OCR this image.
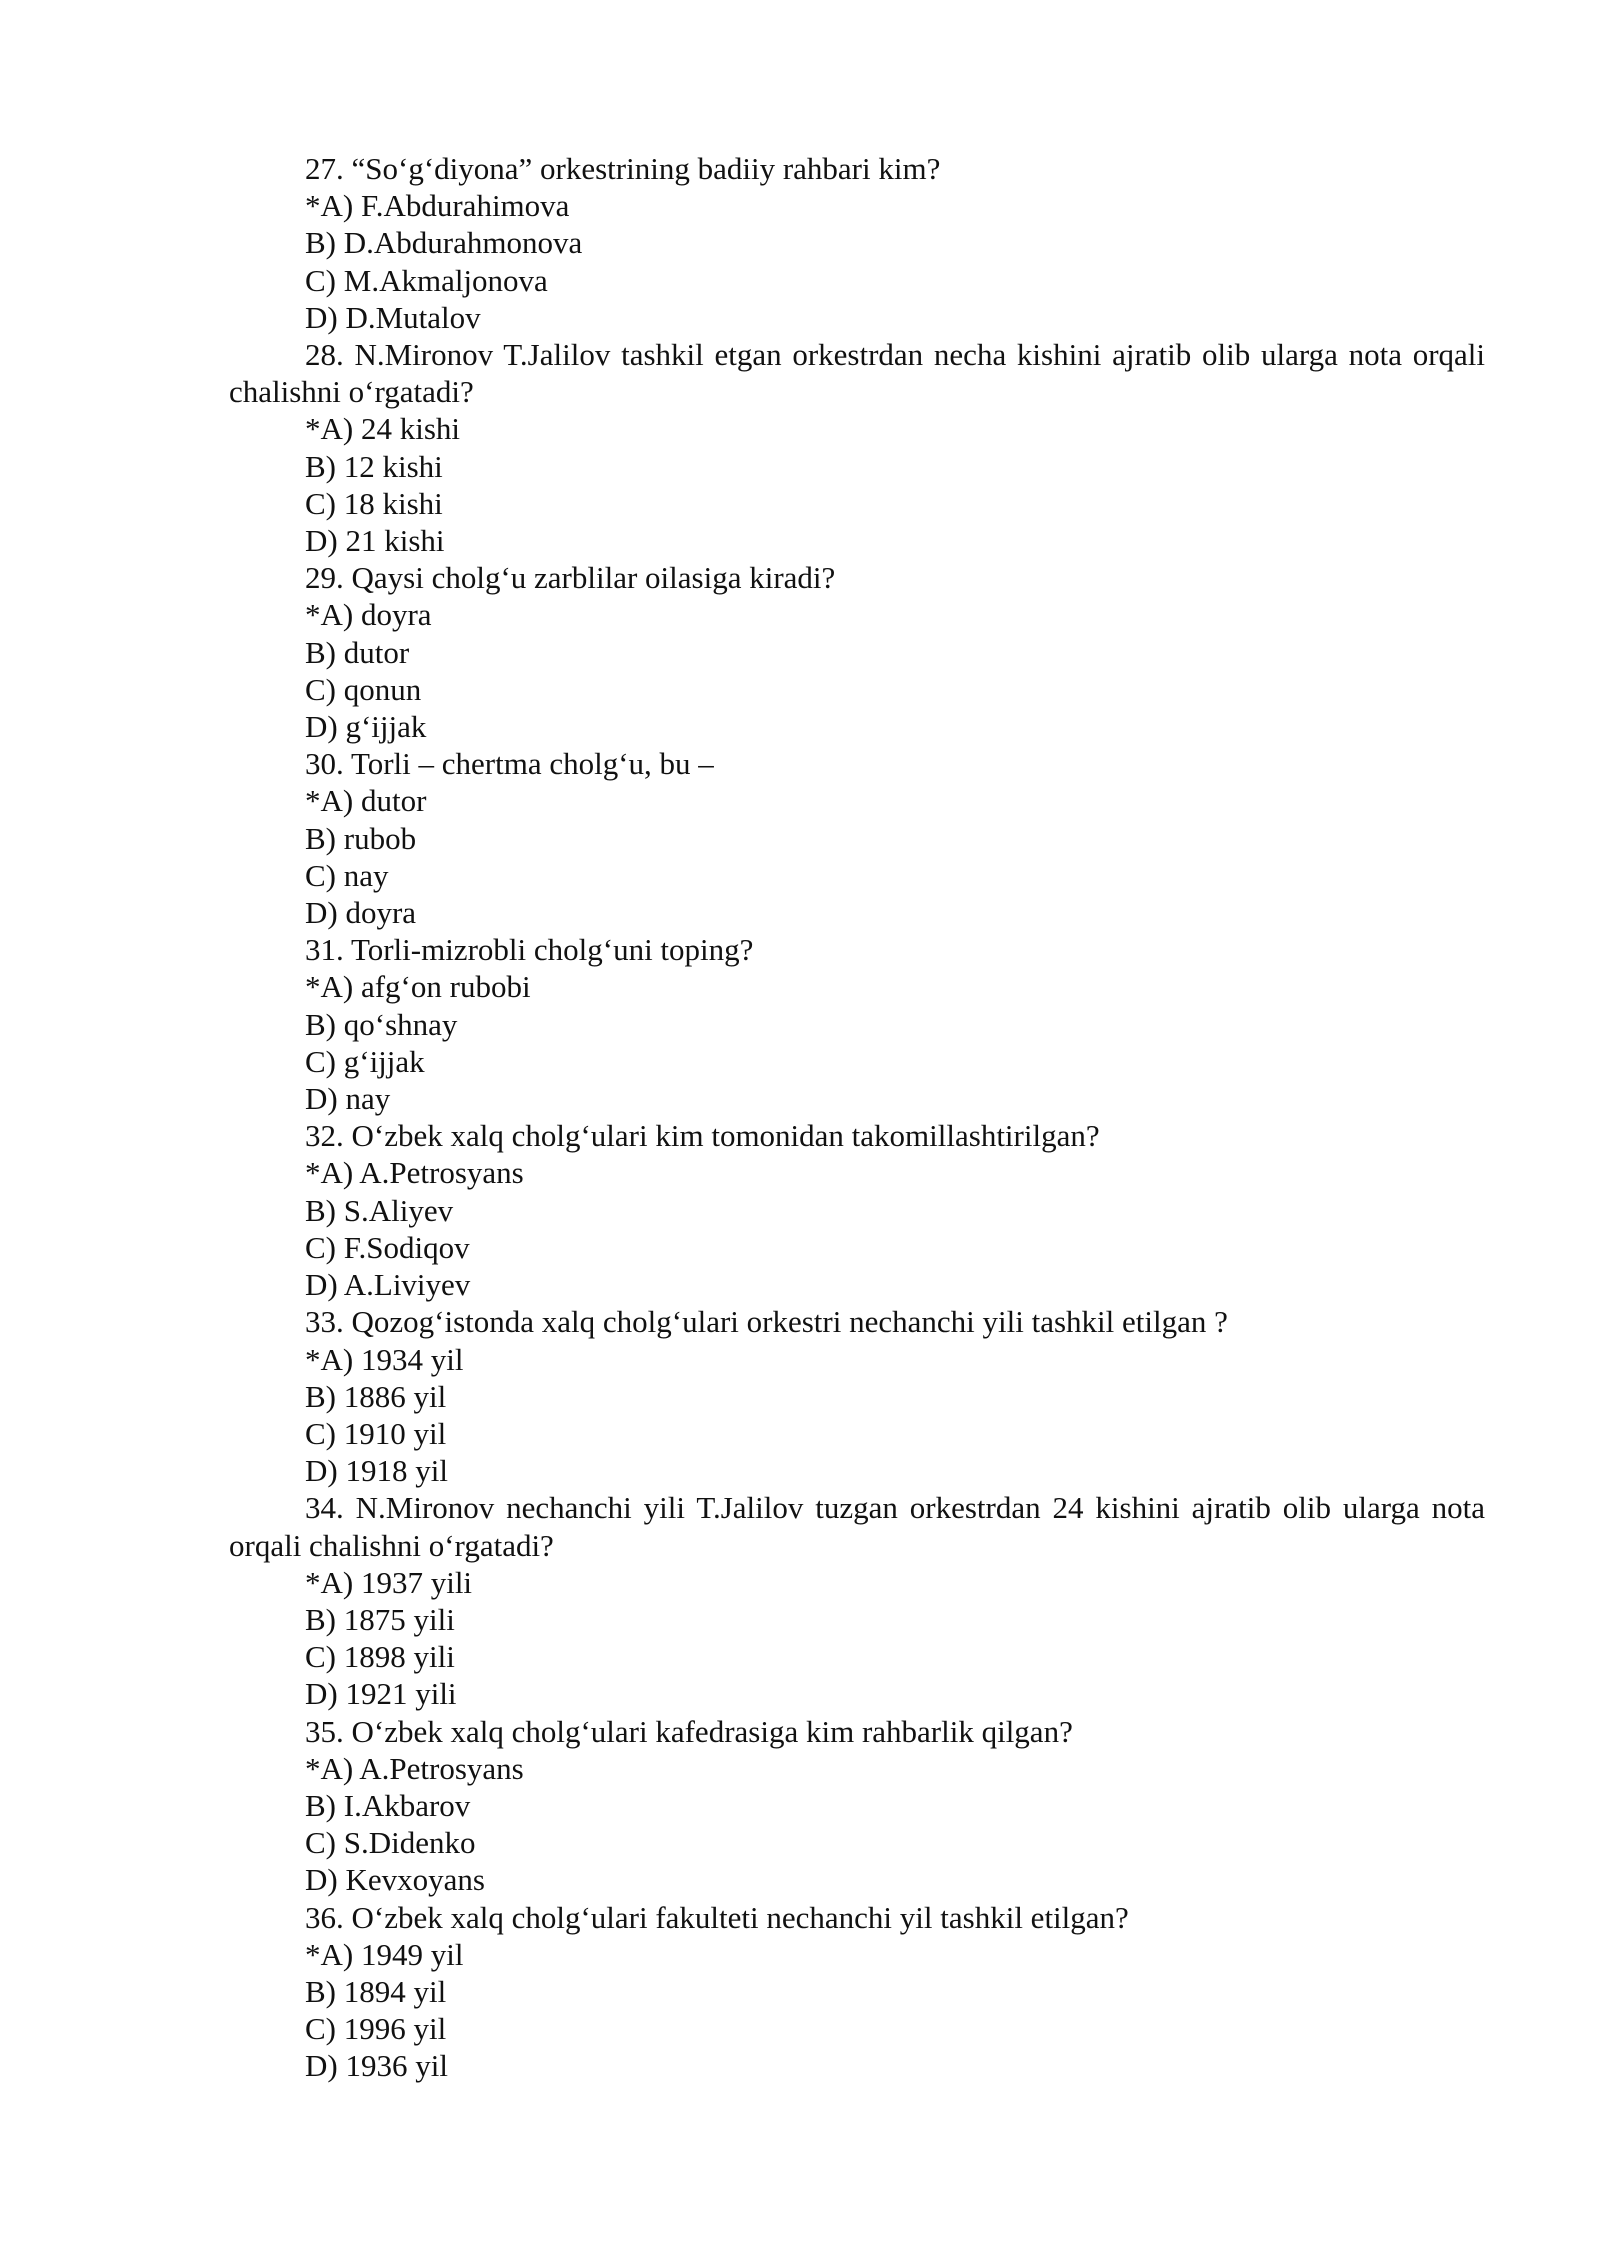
27. “So‘g‘diyona” orkestrining badiiy rahbari kim?

*A) F.Abdurahimova

B) D.Abdurahmonova

C) M.Akmaljonova

D) D.Mutalov

28. N.Mironov T.Jalilov tashkil etgan orkestrdan necha kishini ajratib olib ularga nota orqali chalishni o‘rgatadi?

*A) 24 kishi

B) 12 kishi

C) 18 kishi

D) 21 kishi

29. Qaysi cholg‘u zarblilar oilasiga kiradi?

*A) doyra

B) dutor

C) qonun

D) g‘ijjak

30. Torli – chertma cholg‘u, bu –

*A) dutor

B) rubob

C) nay

D) doyra

31. Torli-mizrobli cholg‘uni toping?

*A) afg‘on rubobi

B) qo‘shnay

C) g‘ijjak

D) nay

32. O‘zbek xalq cholg‘ulari kim tomonidan takomillashtirilgan?

*A) A.Petrosyans

B) S.Aliyev

C) F.Sodiqov

D) A.Liviyev

33. Qozog‘istonda xalq cholg‘ulari orkestri nechanchi yili tashkil etilgan ?

*A) 1934 yil

B) 1886 yil

C) 1910 yil

D) 1918 yil

34. N.Mironov nechanchi yili T.Jalilov tuzgan orkestrdan 24 kishini ajratib olib ularga nota orqali chalishni o‘rgatadi?

*A) 1937 yili

B) 1875 yili

C) 1898 yili

D) 1921 yili

35. O‘zbek xalq cholg‘ulari kafedrasiga kim rahbarlik qilgan?

*A) A.Petrosyans

B) I.Akbarov

C) S.Didenko

D) Kevxoyans

36. O‘zbek xalq cholg‘ulari fakulteti nechanchi yil tashkil etilgan?

*A) 1949 yil

B) 1894 yil

C) 1996 yil

D) 1936 yil
